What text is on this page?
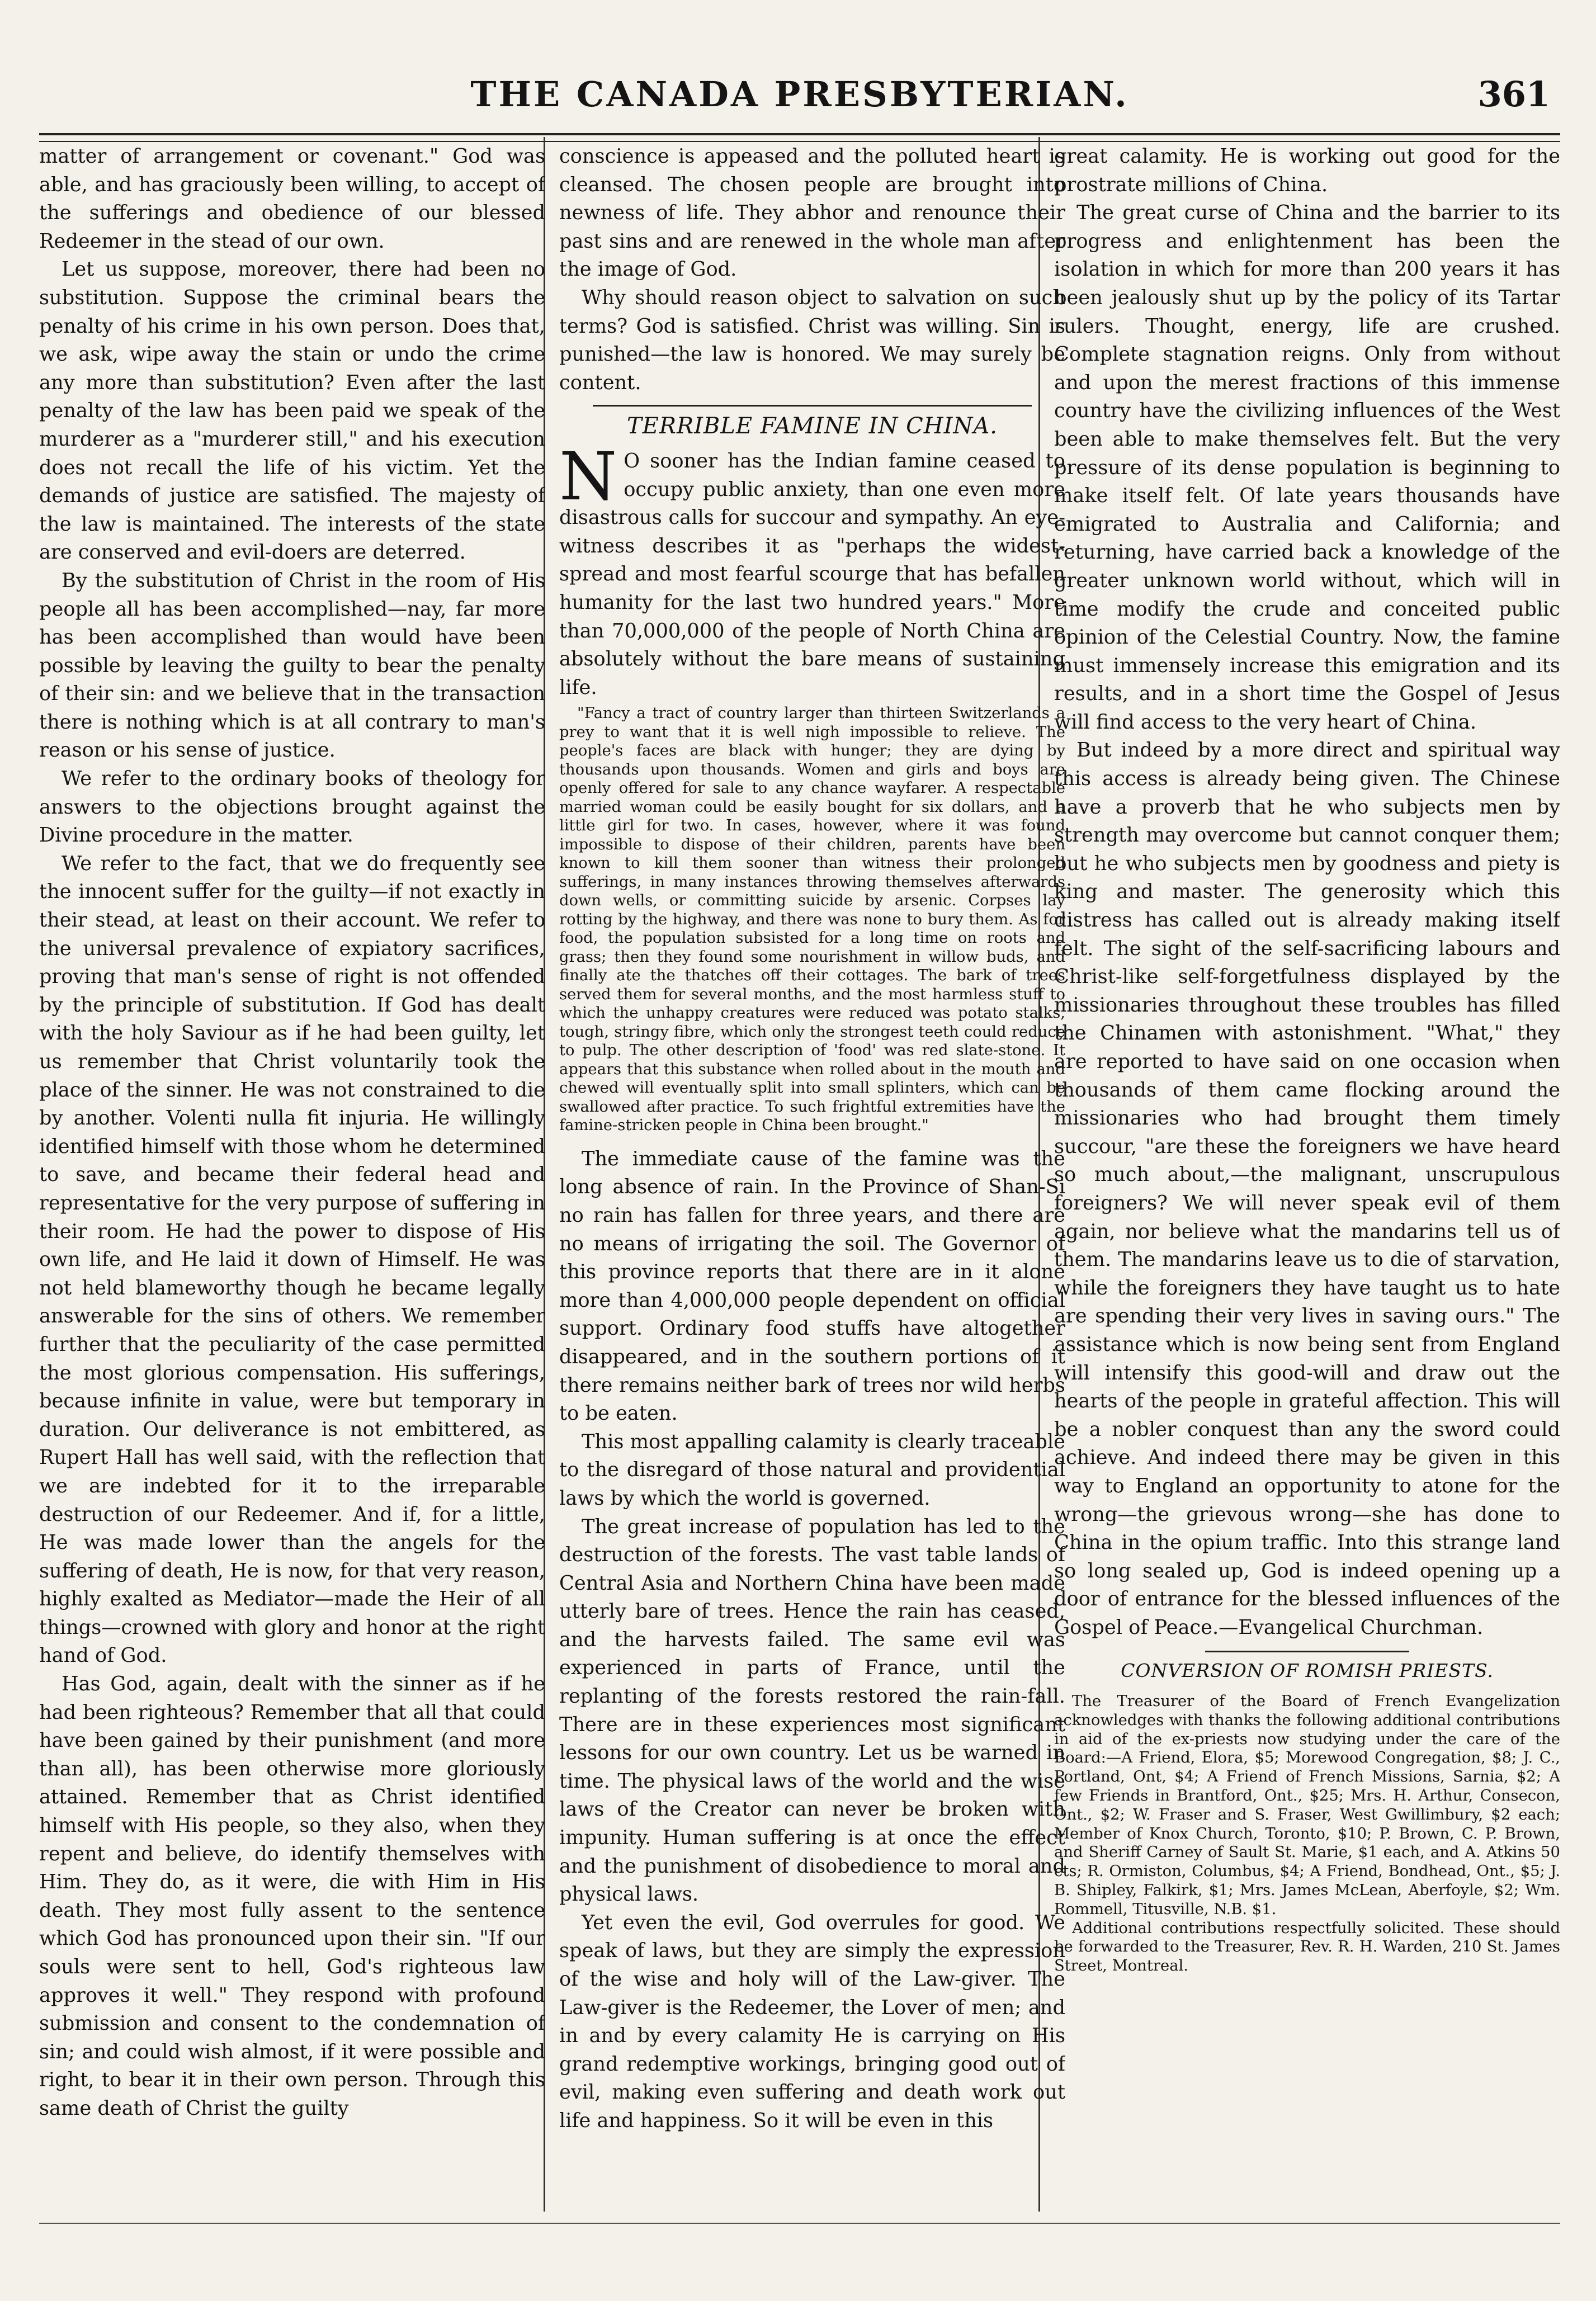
THE CANADA PRESBYTERIAN.	361

matter of arrangement or covenant." God was able, and has graciously been willing, to accept of the sufferings and obedience of our blessed Redeemer in the stead of our own.

Let us suppose, moreover, there had been no substitution. Suppose the criminal bears the penalty of his crime in his own person. Does that, we ask, wipe away the stain or undo the crime any more than substitution? Even after the last penalty of the law has been paid we speak of the murderer as a "murderer still," and his execution does not recall the life of his victim. Yet the demands of justice are satisfied. The majesty of the law is maintained. The interests of the state are conserved and evil-doers are deterred.

By the substitution of Christ in the room of His people all has been accomplished—nay, far more has been accomplished than would have been possible by leaving the guilty to bear the penalty of their sin: and we believe that in the transaction there is nothing which is at all contrary to man's reason or his sense of justice.

We refer to the ordinary books of theology for answers to the objections brought against the Divine procedure in the matter.

We refer to the fact, that we do frequently see the innocent suffer for the guilty—if not exactly in their stead, at least on their account. We refer to the universal prevalence of expiatory sacrifices, proving that man's sense of right is not offended by the principle of substitution. If God has dealt with the holy Saviour as if he had been guilty, let us remember that Christ voluntarily took the place of the sinner. He was not constrained to die by another. Volenti nulla fit injuria. He willingly identified himself with those whom he determined to save, and became their federal head and representative for the very purpose of suffering in their room. He had the power to dispose of His own life, and He laid it down of Himself. He was not held blameworthy though he became legally answerable for the sins of others. We remember further that the peculiarity of the case permitted the most glorious compensation. His sufferings, because infinite in value, were but temporary in duration. Our deliverance is not embittered, as Rupert Hall has well said, with the reflection that we are indebted for it to the irreparable destruction of our Redeemer. And if, for a little, He was made lower than the angels for the suffering of death, He is now, for that very reason, highly exalted as Mediator—made the Heir of all things—crowned with glory and honor at the right hand of God.

Has God, again, dealt with the sinner as if he had been righteous? Remember that all that could have been gained by their punishment (and more than all), has been otherwise more gloriously attained. Remember that as Christ identified himself with His people, so they also, when they repent and believe, do identify themselves with Him. They do, as it were, die with Him in His death. They most fully assent to the sentence which God has pronounced upon their sin. "If our souls were sent to hell, God's righteous law approves it well." They respond with profound submission and consent to the condemnation of sin; and could wish almost, if it were possible and right, to bear it in their own person. Through this same death of Christ the guilty

conscience is appeased and the polluted heart is cleansed. The chosen people are brought into newness of life. They abhor and renounce their past sins and are renewed in the whole man after the image of God.

Why should reason object to salvation on such terms? God is satisfied. Christ was willing. Sin is punished—the law is honored. We may surely be content.

TERRIBLE FAMINE IN CHINA.

N O sooner has the Indian famine ceased to occupy public anxiety, than one even more disastrous calls for succour and sympathy. An eye-witness describes it as "perhaps the widest-spread and most fearful scourge that has befallen humanity for the last two hundred years." More than 70,000,000 of the people of North China are absolutely without the bare means of sustaining life.

"Fancy a tract of country larger than thirteen Switzerlands a prey to want that it is well nigh impossible to relieve. The people's faces are black with hunger; they are dying by thousands upon thousands. Women and girls and boys are openly offered for sale to any chance wayfarer. A respectable married woman could be easily bought for six dollars, and a little girl for two. In cases, however, where it was found impossible to dispose of their children, parents have been known to kill them sooner than witness their prolonged sufferings, in many instances throwing themselves afterwards down wells, or committing suicide by arsenic. Corpses lay rotting by the highway, and there was none to bury them. As for food, the population subsisted for a long time on roots and grass; then they found some nourishment in willow buds, and finally ate the thatches off their cottages. The bark of trees served them for several months, and the most harmless stuff to which the unhappy creatures were reduced was potato stalks, tough, stringy fibre, which only the strongest teeth could reduce to pulp. The other description of 'food' was red slate-stone. It appears that this substance when rolled about in the mouth and chewed will eventually split into small splinters, which can be swallowed after practice. To such frightful extremities have the famine-stricken people in China been brought."

The immediate cause of the famine was the long absence of rain. In the Province of Shan-Si no rain has fallen for three years, and there are no means of irrigating the soil. The Governor of this province reports that there are in it alone more than 4,000,000 people dependent on official support. Ordinary food stuffs have altogether disappeared, and in the southern portions of it there remains neither bark of trees nor wild herbs to be eaten.

This most appalling calamity is clearly traceable to the disregard of those natural and providential laws by which the world is governed.

The great increase of population has led to the destruction of the forests. The vast table lands of Central Asia and Northern China have been made utterly bare of trees. Hence the rain has ceased, and the harvests failed. The same evil was experienced in parts of France, until the replanting of the forests restored the rain-fall. There are in these experiences most significant lessons for our own country. Let us be warned in time. The physical laws of the world and the wise laws of the Creator can never be broken with impunity. Human suffering is at once the effect and the punishment of disobedience to moral and physical laws.

Yet even the evil, God overrules for good. We speak of laws, but they are simply the expression of the wise and holy will of the Law-giver. The Law-giver is the Redeemer, the Lover of men; and in and by every calamity He is carrying on His grand redemptive workings, bringing good out of evil, making even suffering and death work out life and happiness. So it will be even in this

great calamity. He is working out good for the prostrate millions of China.

The great curse of China and the barrier to its progress and enlightenment has been the isolation in which for more than 200 years it has been jealously shut up by the policy of its Tartar rulers. Thought, energy, life are crushed. Complete stagnation reigns. Only from without and upon the merest fractions of this immense country have the civilizing influences of the West been able to make themselves felt. But the very pressure of its dense population is beginning to make itself felt. Of late years thousands have emigrated to Australia and California; and returning, have carried back a knowledge of the greater unknown world without, which will in time modify the crude and conceited public opinion of the Celestial Country. Now, the famine must immensely increase this emigration and its results, and in a short time the Gospel of Jesus will find access to the very heart of China.

But indeed by a more direct and spiritual way this access is already being given. The Chinese have a proverb that he who subjects men by strength may overcome but cannot conquer them; but he who subjects men by goodness and piety is king and master. The generosity which this distress has called out is already making itself felt. The sight of the self-sacrificing labours and Christ-like self-forgetfulness displayed by the missionaries throughout these troubles has filled the Chinamen with astonishment. "What," they are reported to have said on one occasion when thousands of them came flocking around the missionaries who had brought them timely succour, "are these the foreigners we have heard so much about,—the malignant, unscrupulous foreigners? We will never speak evil of them again, nor believe what the mandarins tell us of them. The mandarins leave us to die of starvation, while the foreigners they have taught us to hate are spending their very lives in saving ours." The assistance which is now being sent from England will intensify this good-will and draw out the hearts of the people in grateful affection. This will be a nobler conquest than any the sword could achieve. And indeed there may be given in this way to England an opportunity to atone for the wrong—the grievous wrong—she has done to China in the opium traffic. Into this strange land so long sealed up, God is indeed opening up a door of entrance for the blessed influences of the Gospel of Peace.—Evangelical Churchman.

CONVERSION OF ROMISH PRIESTS.

The Treasurer of the Board of French Evangelization acknowledges with thanks the following additional contributions in aid of the ex-priests now studying under the care of the Board:—A Friend, Elora, $5; Morewood Congregation, $8; J. C., Portland, Ont, $4; A Friend of French Missions, Sarnia, $2; A few Friends in Brantford, Ont., $25; Mrs. H. Arthur, Consecon, Ont., $2; W. Fraser and S. Fraser, West Gwillimbury, $2 each; Member of Knox Church, Toronto, $10; P. Brown, C. P. Brown, and Sheriff Carney of Sault St. Marie, $1 each, and A. Atkins 50 cts; R. Ormiston, Columbus, $4; A Friend, Bondhead, Ont., $5; J. B. Shipley, Falkirk, $1; Mrs. James McLean, Aberfoyle, $2; Wm. Rommell, Titusville, N.B. $1.

Additional contributions respectfully solicited. These should be forwarded to the Treasurer, Rev. R. H. Warden, 210 St. James Street, Montreal.
